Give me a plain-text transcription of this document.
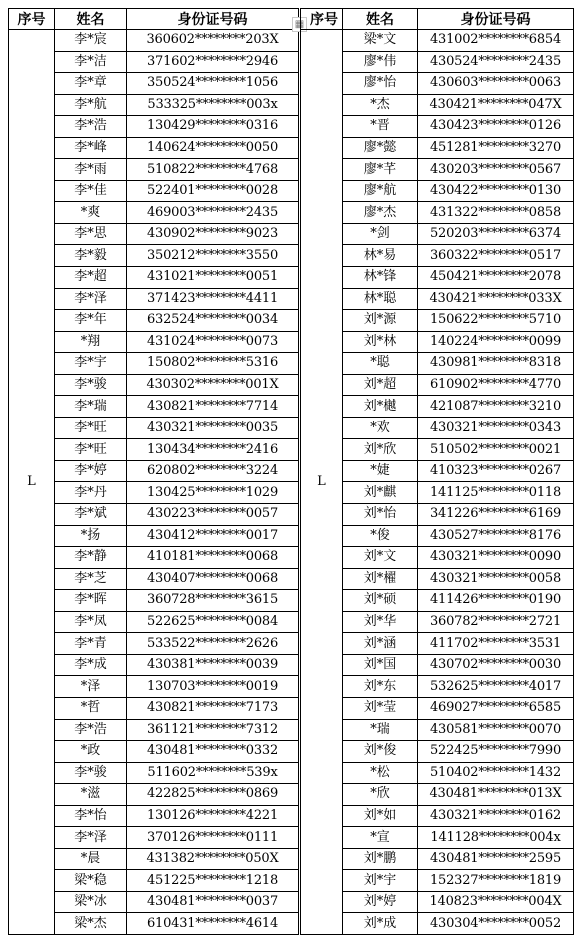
序号	姓名	身份证号码
L	李*宸	360602********203X
	李*洁	371602********2946
	李*章	350524********1056
	李*航	533325********003x
	李*浩	130429********0316
	李*峰	140624********0050
	李*雨	510822********4768
	李*佳	522401********0028
	*爽	469003********2435
	李*思	430902********9023
	李*毅	350212********3550
	李*超	431021********0051
	李*泽	371423********4411
	李*年	632524********0034
	*翔	431024********0073
	李*宇	150802********5316
	李*骏	430302********001X
	李*瑞	430821********7714
	李*旺	430321********0035
	李*旺	130434********2416
	李*婷	620802********3224
	李*丹	130425********1029
	李*斌	430223********0057
	*扬	430412********0017
	李*静	410181********0068
	李*芝	430407********0068
	李*晖	360728********3615
	李*凤	522625********0084
	李*青	533522********2626
	李*成	430381********0039
	*泽	130703********0019
	*哲	430821********7173
	李*浩	361121********7312
	*政	430481********0332
	李*骏	511602********539x
	*滋	422825********0869
	李*怡	130126********4221
	李*泽	370126********0111
	*晨	431382********050X
	梁*稳	451225********1218
	梁*冰	430481********0037
	梁*杰	610431********4614
▦ 序号	姓名	身份证号码
L	梁*文	431002********6854
	廖*伟	430524********2435
	廖*怡	430603********0063
	*杰	430421********047X
	*晋	430423********0126
	廖*懿	451281********3270
	廖*芊	430203********0567
	廖*航	430422********0130
	廖*杰	431322********0858
	*剑	520203********6374
	林*易	360322********0517
	林*锋	450421********2078
	林*聪	430421********033X
	刘*源	150622********5710
	刘*林	140224********0099
	*聪	430981********8318
	刘*超	610902********4770
	刘*樾	421087********3210
	*欢	430321********0343
	刘*欣	510502********0021
	*婕	410323********0267
	刘*麒	141125********0118
	刘*怡	341226********6169
	*俊	430527********8176
	刘*文	430321********0090
	刘*櫂	430321********0058
	刘*硕	411426********0190
	刘*华	360782********2721
	刘*涵	411702********3531
	刘*国	430702********0030
	刘*东	532625********4017
	刘*莹	469027********6585
	*瑞	430581********0070
	刘*俊	522425********7990
	*松	510402********1432
	*欣	430481********013X
	刘*如	430321********0162
	*宣	141128********004x
	刘*鹏	430481********2595
	刘*宇	152327********1819
	刘*婷	140823********004X
	刘*成	430304********0052
